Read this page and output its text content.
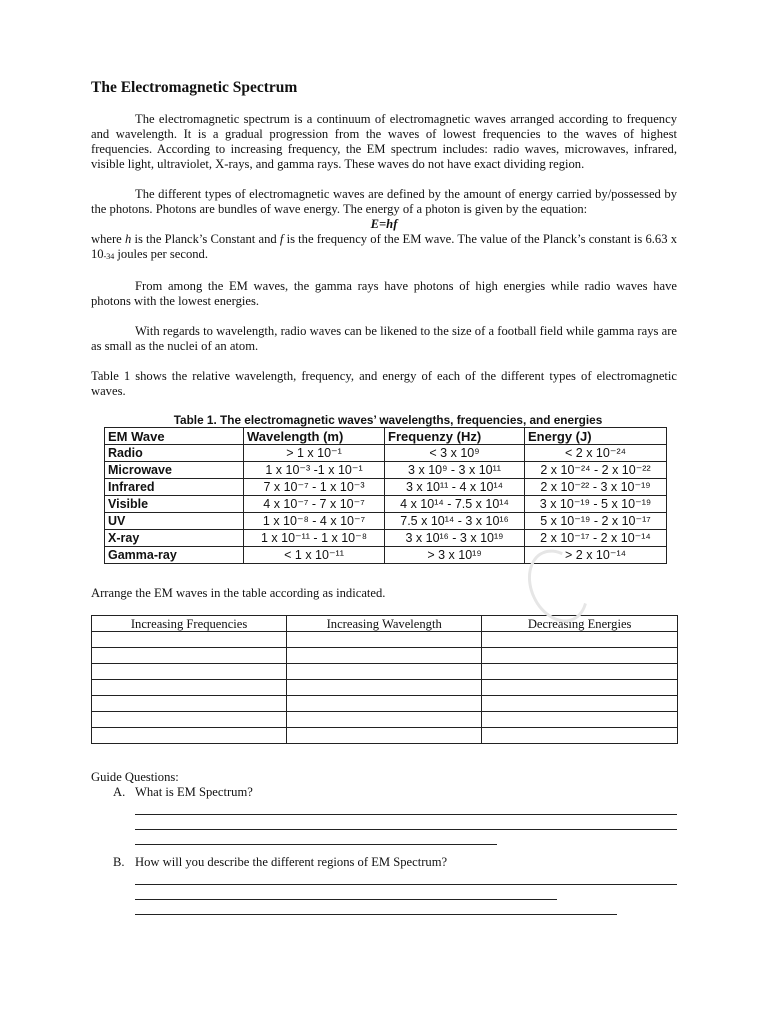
The Electromagnetic Spectrum

The electromagnetic spectrum is a continuum of electromagnetic waves arranged according to frequency and wavelength. It is a gradual progression from the waves of lowest frequencies to the waves of highest frequencies. According to increasing frequency, the EM spectrum includes: radio waves, microwaves, infrared, visible light, ultraviolet, X-rays, and gamma rays. These waves do not have exact dividing region.

The different types of electromagnetic waves are defined by the amount of energy carried by/possessed by the photons. Photons are bundles of wave energy. The energy of a photon is given by the equation:

E=hf

where h is the Planck’s Constant and f is the frequency of the EM wave. The value of the Planck’s constant is 6.63 x $10_{-34}$ joules per second.

From among the EM waves, the gamma rays have photons of high energies while radio waves have photons with the lowest energies.

With regards to wavelength, radio waves can be likened to the size of a football field while gamma rays are as small as the nuclei of an atom.

Table 1 shows the relative wavelength, frequency, and energy of each of the different types of electromagnetic waves.

Table 1. The electromagnetic waves’ wavelengths, frequencies, and energies
EM Wave	Wavelength (m)	Frequenzy (Hz)	Energy (J)
Radio	> 1 x 10⁻¹	< 3 x 10⁹	< 2 x 10⁻²⁴
Microwave	1 x 10⁻³ -1 x 10⁻¹	3 x 10⁹ - 3 x 10¹¹	2 x 10⁻²⁴ - 2 x 10⁻²²
Infrared	7 x 10⁻⁷ - 1 x 10⁻³	3 x 10¹¹ - 4 x 10¹⁴	2 x 10⁻²² - 3 x 10⁻¹⁹
Visible	4 x 10⁻⁷ - 7 x 10⁻⁷	4 x 10¹⁴ - 7.5 x 10¹⁴	3 x 10⁻¹⁹ - 5 x 10⁻¹⁹
UV	1 x 10⁻⁸ - 4 x 10⁻⁷	7.5 x 10¹⁴ - 3 x 10¹⁶	5 x 10⁻¹⁹ - 2 x 10⁻¹⁷
X-ray	1 x 10⁻¹¹ - 1 x 10⁻⁸	3 x 10¹⁶ - 3 x 10¹⁹	2 x 10⁻¹⁷ - 2 x 10⁻¹⁴
Gamma-ray	< 1 x 10⁻¹¹	> 3 x 10¹⁹	> 2 x 10⁻¹⁴

Arrange the EM waves in the table according as indicated.

Increasing Frequencies	Increasing Wavelength	Decreasing Energies

Guide Questions:
A. What is EM Spectrum?
B. How will you describe the different regions of EM Spectrum?
